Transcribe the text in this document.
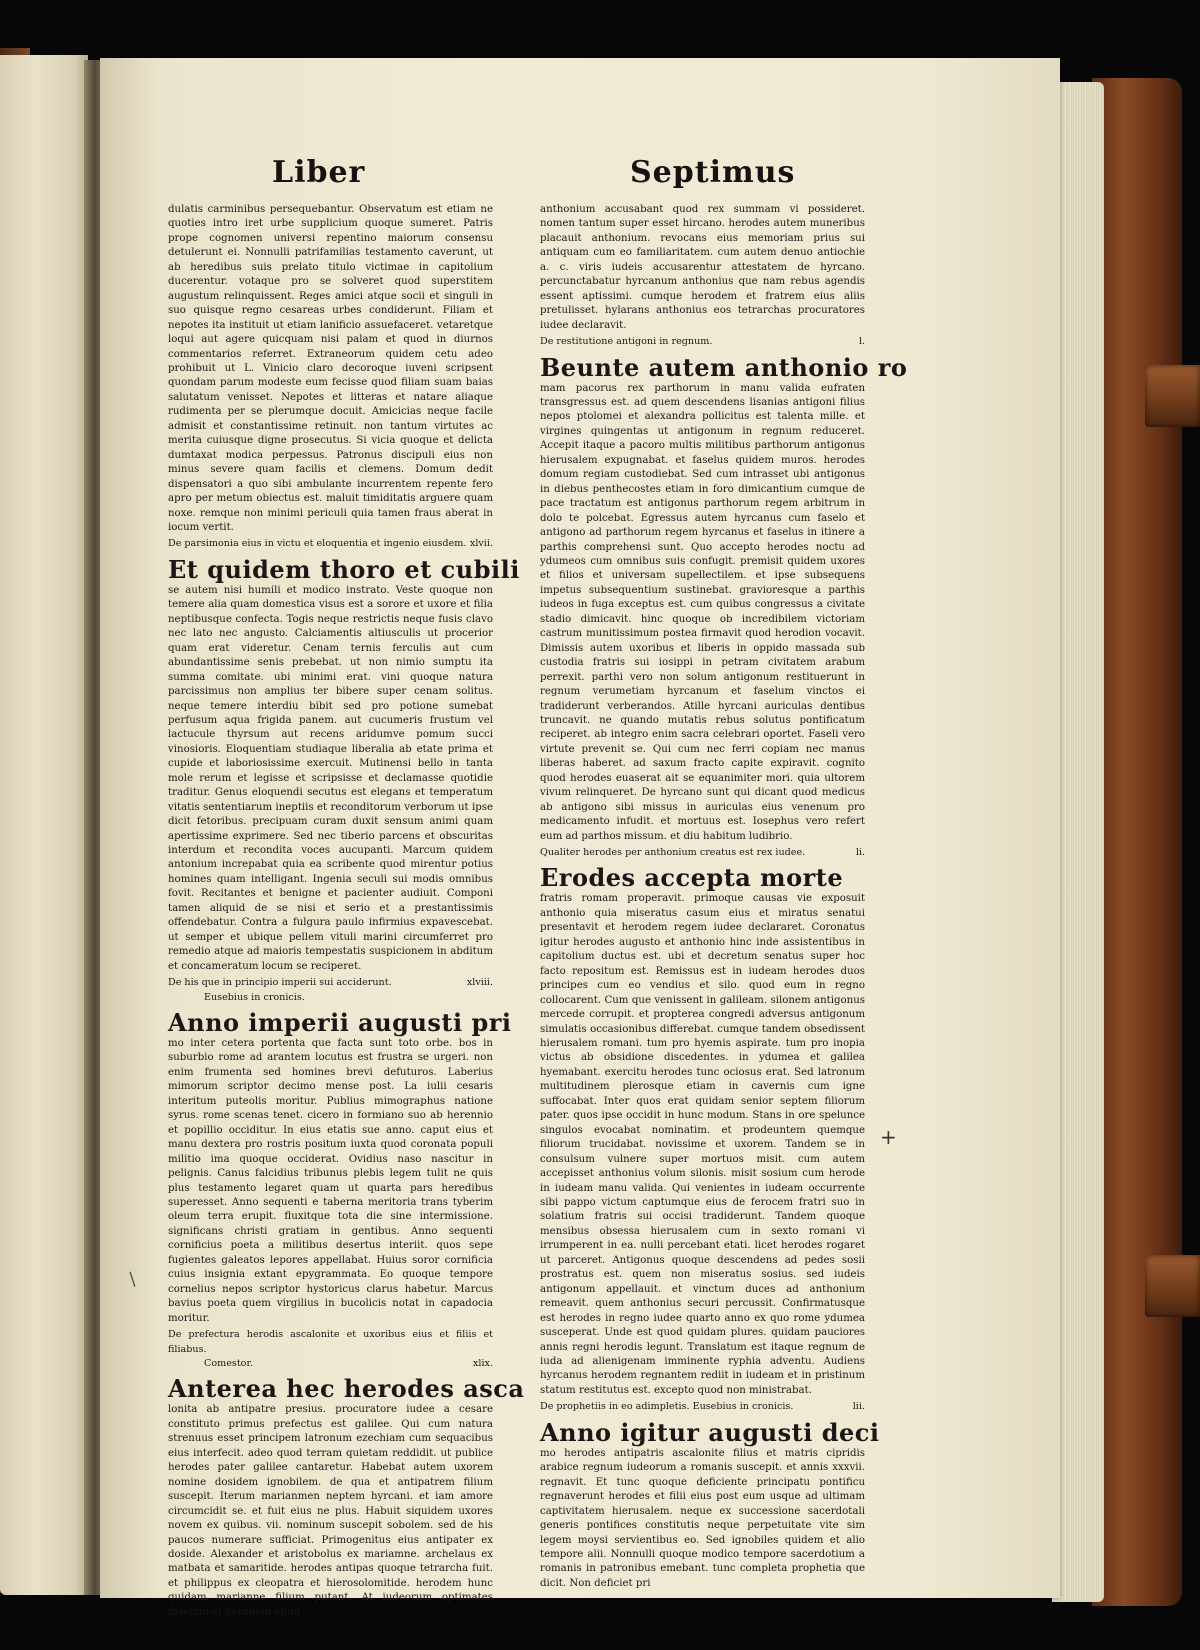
Liber	Septimus

dulatis carminibus persequebantur. Observatum est etiam ne quoties intro iret urbe supplicium quoque sumeret. Patris prope cognomen universi repentino maiorum consensu detulerunt ei. Nonnulli patrifamilias testamento caverunt, ut ab heredibus suis prelato titulo victimae in capitolium ducerentur. votaque pro se solveret quod superstitem augustum relinquissent. Reges amici atque socii et singuli in suo quisque regno cesareas urbes condiderunt. Filiam et nepotes ita instituit ut etiam lanificio assuefaceret. vetaretque loqui aut agere quicquam nisi palam et quod in diurnos commentarios referret. Extraneorum quidem cetu adeo prohibuit ut L. Vinicio claro decoroque iuveni scripsent quondam parum modeste eum fecisse quod filiam suam baias salutatum venisset. Nepotes et litteras et natare aliaque rudimenta per se plerumque docuit. Amicicias neque facile admisit et constantissime retinuit. non tantum virtutes ac merita cuiusque digne prosecutus. Si vicia quoque et delicta dumtaxat modica perpessus. Patronus discipuli eius non minus severe quam facilis et clemens. Domum dedit dispensatori a quo sibi ambulante incurrentem repente fero apro per metum obiectus est. maluit timiditatis arguere quam noxe. remque non minimi periculi quia tamen fraus aberat in iocum vertit.

xlvii.
De parsimonia eius in victu et eloquentia et ingenio eiusdem.

Et quidem thoro et cubili

se autem nisi humili et modico instrato. Veste quoque non temere alia quam domestica visus est a sorore et uxore et filia neptibusque confecta. Togis neque restrictis neque fusis clavo nec lato nec angusto. Calciamentis altiusculis ut procerior quam erat videretur. Cenam ternis ferculis aut cum abundantissime senis prebebat. ut non nimio sumptu ita summa comitate. ubi minimi erat. vini quoque natura parcissimus non amplius ter bibere super cenam solitus. neque temere interdiu bibit sed pro potione sumebat perfusum aqua frigida panem. aut cucumeris frustum vel lactucule thyrsum aut recens aridumve pomum succi vinosioris. Eloquentiam studiaque liberalia ab etate prima et cupide et laboriosissime exercuit. Mutinensi bello in tanta mole rerum et legisse et scripsisse et declamasse quotidie traditur. Genus eloquendi secutus est elegans et temperatum vitatis sententiarum ineptiis et reconditorum verborum ut ipse dicit fetoribus. precipuam curam duxit sensum animi quam apertissime exprimere. Sed nec tiberio parcens et obscuritas interdum et recondita voces aucupanti. Marcum quidem antonium increpabat quia ea scribente quod mirentur potius homines quam intelligant. Ingenia seculi sui modis omnibus fovit. Recitantes et benigne et pacienter audiuit. Componi tamen aliquid de se nisi et serio et a prestantissimis offendebatur. Contra a fulgura paulo infirmius expavescebat. ut semper et ubique pellem vituli marini circumferret pro remedio atque ad maioris tempestatis suspicionem in abditum et concameratum locum se reciperet.

xlviii.
De his que in principio imperii sui acciderunt.

Eusebius in cronicis.

Anno imperii augusti pri

mo inter cetera portenta que facta sunt toto orbe. bos in suburbio rome ad arantem locutus est frustra se urgeri. non enim frumenta sed homines brevi defuturos. Laberius mimorum scriptor decimo mense post. La iulii cesaris interitum puteolis moritur. Publius mimographus natione syrus. rome scenas tenet. cicero in formiano suo ab herennio et popillio occiditur. In eius etatis sue anno. caput eius et manu dextera pro rostris positum iuxta quod coronata populi militio ima quoque occiderat. Ovidius naso nascitur in pelignis. Canus falcidius tribunus plebis legem tulit ne quis plus testamento legaret quam ut quarta pars heredibus superesset. Anno sequenti e taberna meritoria trans tyberim oleum terra erupit. fluxitque tota die sine intermissione. significans christi gratiam in gentibus. Anno sequenti cornificius poeta a militibus desertus interiit. quos sepe fugientes galeatos lepores appellabat. Huius soror cornificia cuius insignia extant epygrammata. Eo quoque tempore cornelius nepos scriptor hystoricus clarus habetur. Marcus bavius poeta quem virgilius in bucolicis notat in capadocia moritur.

De prefectura herodis ascalonite et uxoribus eius et filiis et filiabus.

Comestor.	xlix.

Anterea hec herodes asca

lonita ab antipatre presius. procuratore iudee a cesare constituto primus prefectus est galilee. Qui cum natura strenuus esset principem latronum ezechiam cum sequacibus eius interfecit. adeo quod terram quietam reddidit. ut publice herodes pater galilee cantaretur. Habebat autem uxorem nomine dosidem ignobilem. de qua et antipatrem filium suscepit. Iterum marianmen neptem hyrcani. et iam amore circumcidit se. et fuit eius ne plus. Habuit siquidem uxores novem ex quibus. vii. nominum suscepit sobolem. sed de his paucos numerare sufficiat. Primogenitus eius antipater ex doside. Alexander et aristobolus ex mariamne. archelaus ex matbata et samaritide. herodes antipas quoque tetrarcha fuit. et philippus ex cleopatra et hierosolomitide. herodem hunc quidam marianne filium putant. At iudeorum optimates faselum et herodem apud

anthonium accusabant quod rex summam vi possideret. nomen tantum super esset hircano. herodes autem muneribus placauit anthonium. revocans eius memoriam prius sui antiquam cum eo familiaritatem. cum autem denuo antiochie a. c. viris iudeis accusarentur attestatem de hyrcano. percunctabatur hyrcanum anthonius que nam rebus agendis essent aptissimi. cumque herodem et fratrem eius aliis pretulisset. hylarans anthonius eos tetrarchas procuratores iudee declaravit.

l.
De restitutione antigoni in regnum.

Beunte autem anthonio ro

mam pacorus rex parthorum in manu valida eufraten transgressus est. ad quem descendens lisanias antigoni filius nepos ptolomei et alexandra pollicitus est talenta mille. et virgines quingentas ut antigonum in regnum reduceret. Accepit itaque a pacoro multis militibus parthorum antigonus hierusalem expugnabat. et faselus quidem muros. herodes domum regiam custodiebat. Sed cum intrasset ubi antigonus in diebus penthecostes etiam in foro dimicantium cumque de pace tractatum est antigonus parthorum regem arbitrum in dolo te polcebat. Egressus autem hyrcanus cum faselo et antigono ad parthorum regem hyrcanus et faselus in itinere a parthis comprehensi sunt. Quo accepto herodes noctu ad ydumeos cum omnibus suis confugit. premisit quidem uxores et filios et universam supellectilem. et ipse subsequens impetus subsequentium sustinebat. gravioresque a parthis iudeos in fuga exceptus est. cum quibus congressus a civitate stadio dimicavit. hinc quoque ob incredibilem victoriam castrum munitissimum postea firmavit quod herodion vocavit. Dimissis autem uxoribus et liberis in oppido massada sub custodia fratris sui iosippi in petram civitatem arabum perrexit. parthi vero non solum antigonum restituerunt in regnum verumetiam hyrcanum et faselum vinctos ei tradiderunt verberandos. Atille hyrcani auriculas dentibus truncavit. ne quando mutatis rebus solutus pontificatum reciperet. ab integro enim sacra celebrari oportet. Faseli vero virtute prevenit se. Qui cum nec ferri copiam nec manus liberas haberet. ad saxum fracto capite expiravit. cognito quod herodes euaserat ait se equanimiter mori. quia ultorem vivum relinqueret. De hyrcano sunt qui dicant quod medicus ab antigono sibi missus in auriculas eius venenum pro medicamento infudit. et mortuus est. Iosephus vero refert eum ad parthos missum. et diu habitum ludibrio.

li.
Qualiter herodes per anthonium creatus est rex iudee.

Erodes accepta morte

fratris romam properavit. primoque causas vie exposuit anthonio quia miseratus casum eius et miratus senatui presentavit et herodem regem iudee declararet. Coronatus igitur herodes augusto et anthonio hinc inde assistentibus in capitolium ductus est. ubi et decretum senatus super hoc facto repositum est. Remissus est in iudeam herodes duos principes cum eo vendius et silo. quod eum in regno collocarent. Cum que venissent in galileam. silonem antigonus mercede corrupit. et propterea congredi adversus antigonum simulatis occasionibus differebat. cumque tandem obsedissent hierusalem romani. tum pro hyemis aspirate. tum pro inopia victus ab obsidione discedentes. in ydumea et galilea hyemabant. exercitu herodes tunc ociosus erat. Sed latronum multitudinem plerosque etiam in cavernis cum igne suffocabat. Inter quos erat quidam senior septem filiorum pater. quos ipse occidit in hunc modum. Stans in ore spelunce singulos evocabat nominatim. et prodeuntem quemque filiorum trucidabat. novissime et uxorem. Tandem se in consulsum vulnere super mortuos misit. cum autem accepisset anthonius volum silonis. misit sosium cum herode in iudeam manu valida. Qui venientes in iudeam occurrente sibi pappo victum captumque eius de ferocem fratri suo in solatium fratris sui occisi tradiderunt. Tandem quoque mensibus obsessa hierusalem cum in sexto romani vi irrumperent in ea. nulli percebant etati. licet herodes rogaret ut parceret. Antigonus quoque descendens ad pedes sosii prostratus est. quem non miseratus sosius. sed iudeis antigonum appellauit. et vinctum duces ad anthonium remeavit. quem anthonius securi percussit. Confirmatusque est herodes in regno iudee quarto anno ex quo rome ydumea susceperat. Unde est quod quidam plures. quidam pauciores annis regni herodis legunt. Translatum est itaque regnum de iuda ad alienigenam imminente ryphia adventu. Audiens hyrcanus herodem regnantem rediit in iudeam et in pristinum statum restitutus est. excepto quod non ministrabat.

lii.
De prophetiis in eo adimpletis. Eusebius in cronicis.

Anno igitur augusti deci

mo herodes antipatris ascalonite filius et matris cipridis arabice regnum iudeorum a romanis suscepit. et annis xxxvii. regnavit. Et tunc quoque deficiente principatu pontificu regnaverunt herodes et filii eius post eum usque ad ultimam captivitatem hierusalem. neque ex successione sacerdotali generis pontifices constitutis neque perpetuitate vite sim legem moysi servientibus eo. Sed ignobiles quidem et alio tempore alii. Nonnulli quoque modico tempore sacerdotium a romanis in patronibus emebant. tunc completa prophetia que dicit. Non deficiet pri

+
/
